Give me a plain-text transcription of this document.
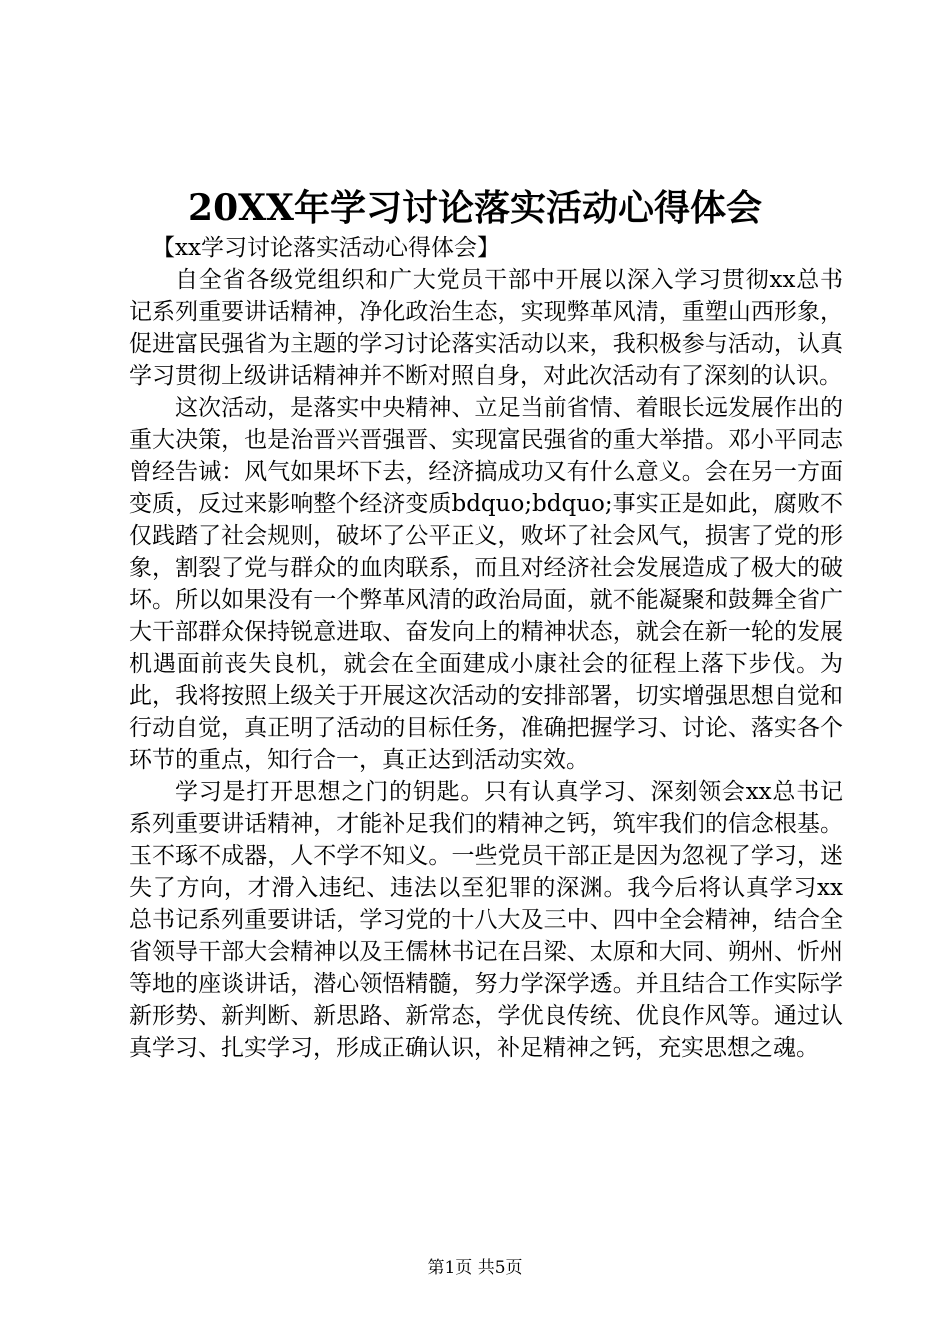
20XX年学习讨论落实活动心得体会

【xx学习讨论落实活动心得体会】

自全省各级党组织和广大党员干部中开展以深入学习贯彻xx总书记系列重要讲话精神，净化政治生态，实现弊革风清，重塑山西形象，促进富民强省为主题的学习讨论落实活动以来，我积极参与活动，认真学习贯彻上级讲话精神并不断对照自身，对此次活动有了深刻的认识。

这次活动，是落实中央精神、立足当前省情、着眼长远发展作出的重大决策，也是治晋兴晋强晋、实现富民强省的重大举措。邓小平同志曾经告诫：风气如果坏下去，经济搞成功又有什么意义。会在另一方面变质，反过来影响整个经济变质bdquo;bdquo;事实正是如此，腐败不仅践踏了社会规则，破坏了公平正义，败坏了社会风气，损害了党的形象，割裂了党与群众的血肉联系，而且对经济社会发展造成了极大的破坏。所以如果没有一个弊革风清的政治局面，就不能凝聚和鼓舞全省广大干部群众保持锐意进取、奋发向上的精神状态，就会在新一轮的发展机遇面前丧失良机，就会在全面建成小康社会的征程上落下步伐。为此，我将按照上级关于开展这次活动的安排部署，切实增强思想自觉和行动自觉，真正明了活动的目标任务，准确把握学习、讨论、落实各个环节的重点，知行合一，真正达到活动实效。

学习是打开思想之门的钥匙。只有认真学习、深刻领会xx总书记系列重要讲话精神，才能补足我们的精神之钙，筑牢我们的信念根基。玉不琢不成器，人不学不知义。一些党员干部正是因为忽视了学习，迷失了方向，才滑入违纪、违法以至犯罪的深渊。我今后将认真学习xx总书记系列重要讲话，学习党的十八大及三中、四中全会精神，结合全省领导干部大会精神以及王儒林书记在吕梁、太原和大同、朔州、忻州等地的座谈讲话，潜心领悟精髓，努力学深学透。并且结合工作实际学新形势、新判断、新思路、新常态，学优良传统、优良作风等。通过认真学习、扎实学习，形成正确认识，补足精神之钙，充实思想之魂。

第1页 共5页
